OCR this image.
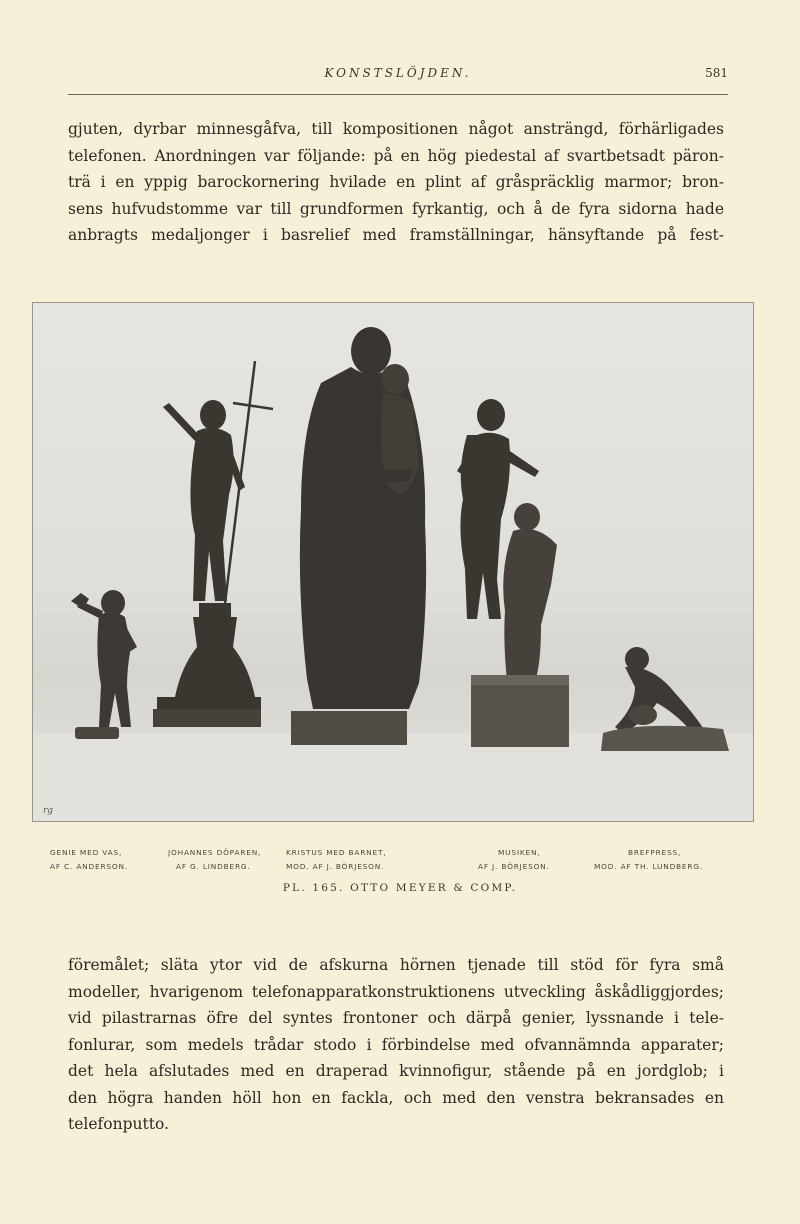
KONSTSLÖJDEN.	581
gjuten, dyrbar minnesgåfva, till kompositionen något ansträngd, förhärligades
telefonen. Anordningen var följande: på en hög piedestal af svartbetsadt päron-
trä i en yppig barockornering hvilade en plint af gråspräcklig marmor; bron-
sens hufvudstomme var till grundformen fyrkantig, och å de fyra sidorna hade
anbragts medaljonger i basrelief med framställningar, hänsyftande på fest-
rg
GENIE MED VAS,
AF C. ANDERSON.
JOHANNES DÖPAREN,
AF G. LINDBERG.
KRISTUS MED BARNET,
MOD. AF J. BÖRJESON.
MUSIKEN,
AF J. BÖRJESON.
BREFPRESS,
MOD. AF TH. LUNDBERG.
PL. 165. OTTO MEYER & COMP.
föremålet; släta ytor vid de afskurna hörnen tjenade till stöd för fyra små
modeller, hvarigenom telefonapparatkonstruktionens utveckling åskådliggjordes;
vid pilastrarnas öfre del syntes frontoner och därpå genier, lyssnande i tele-
fonlurar, som medels trådar stodo i förbindelse med ofvannämnda apparater;
det hela afslutades med en draperad kvinnofigur, stående på en jordglob; i
den högra handen höll hon en fackla, och med den venstra bekransades en
telefonputto.
